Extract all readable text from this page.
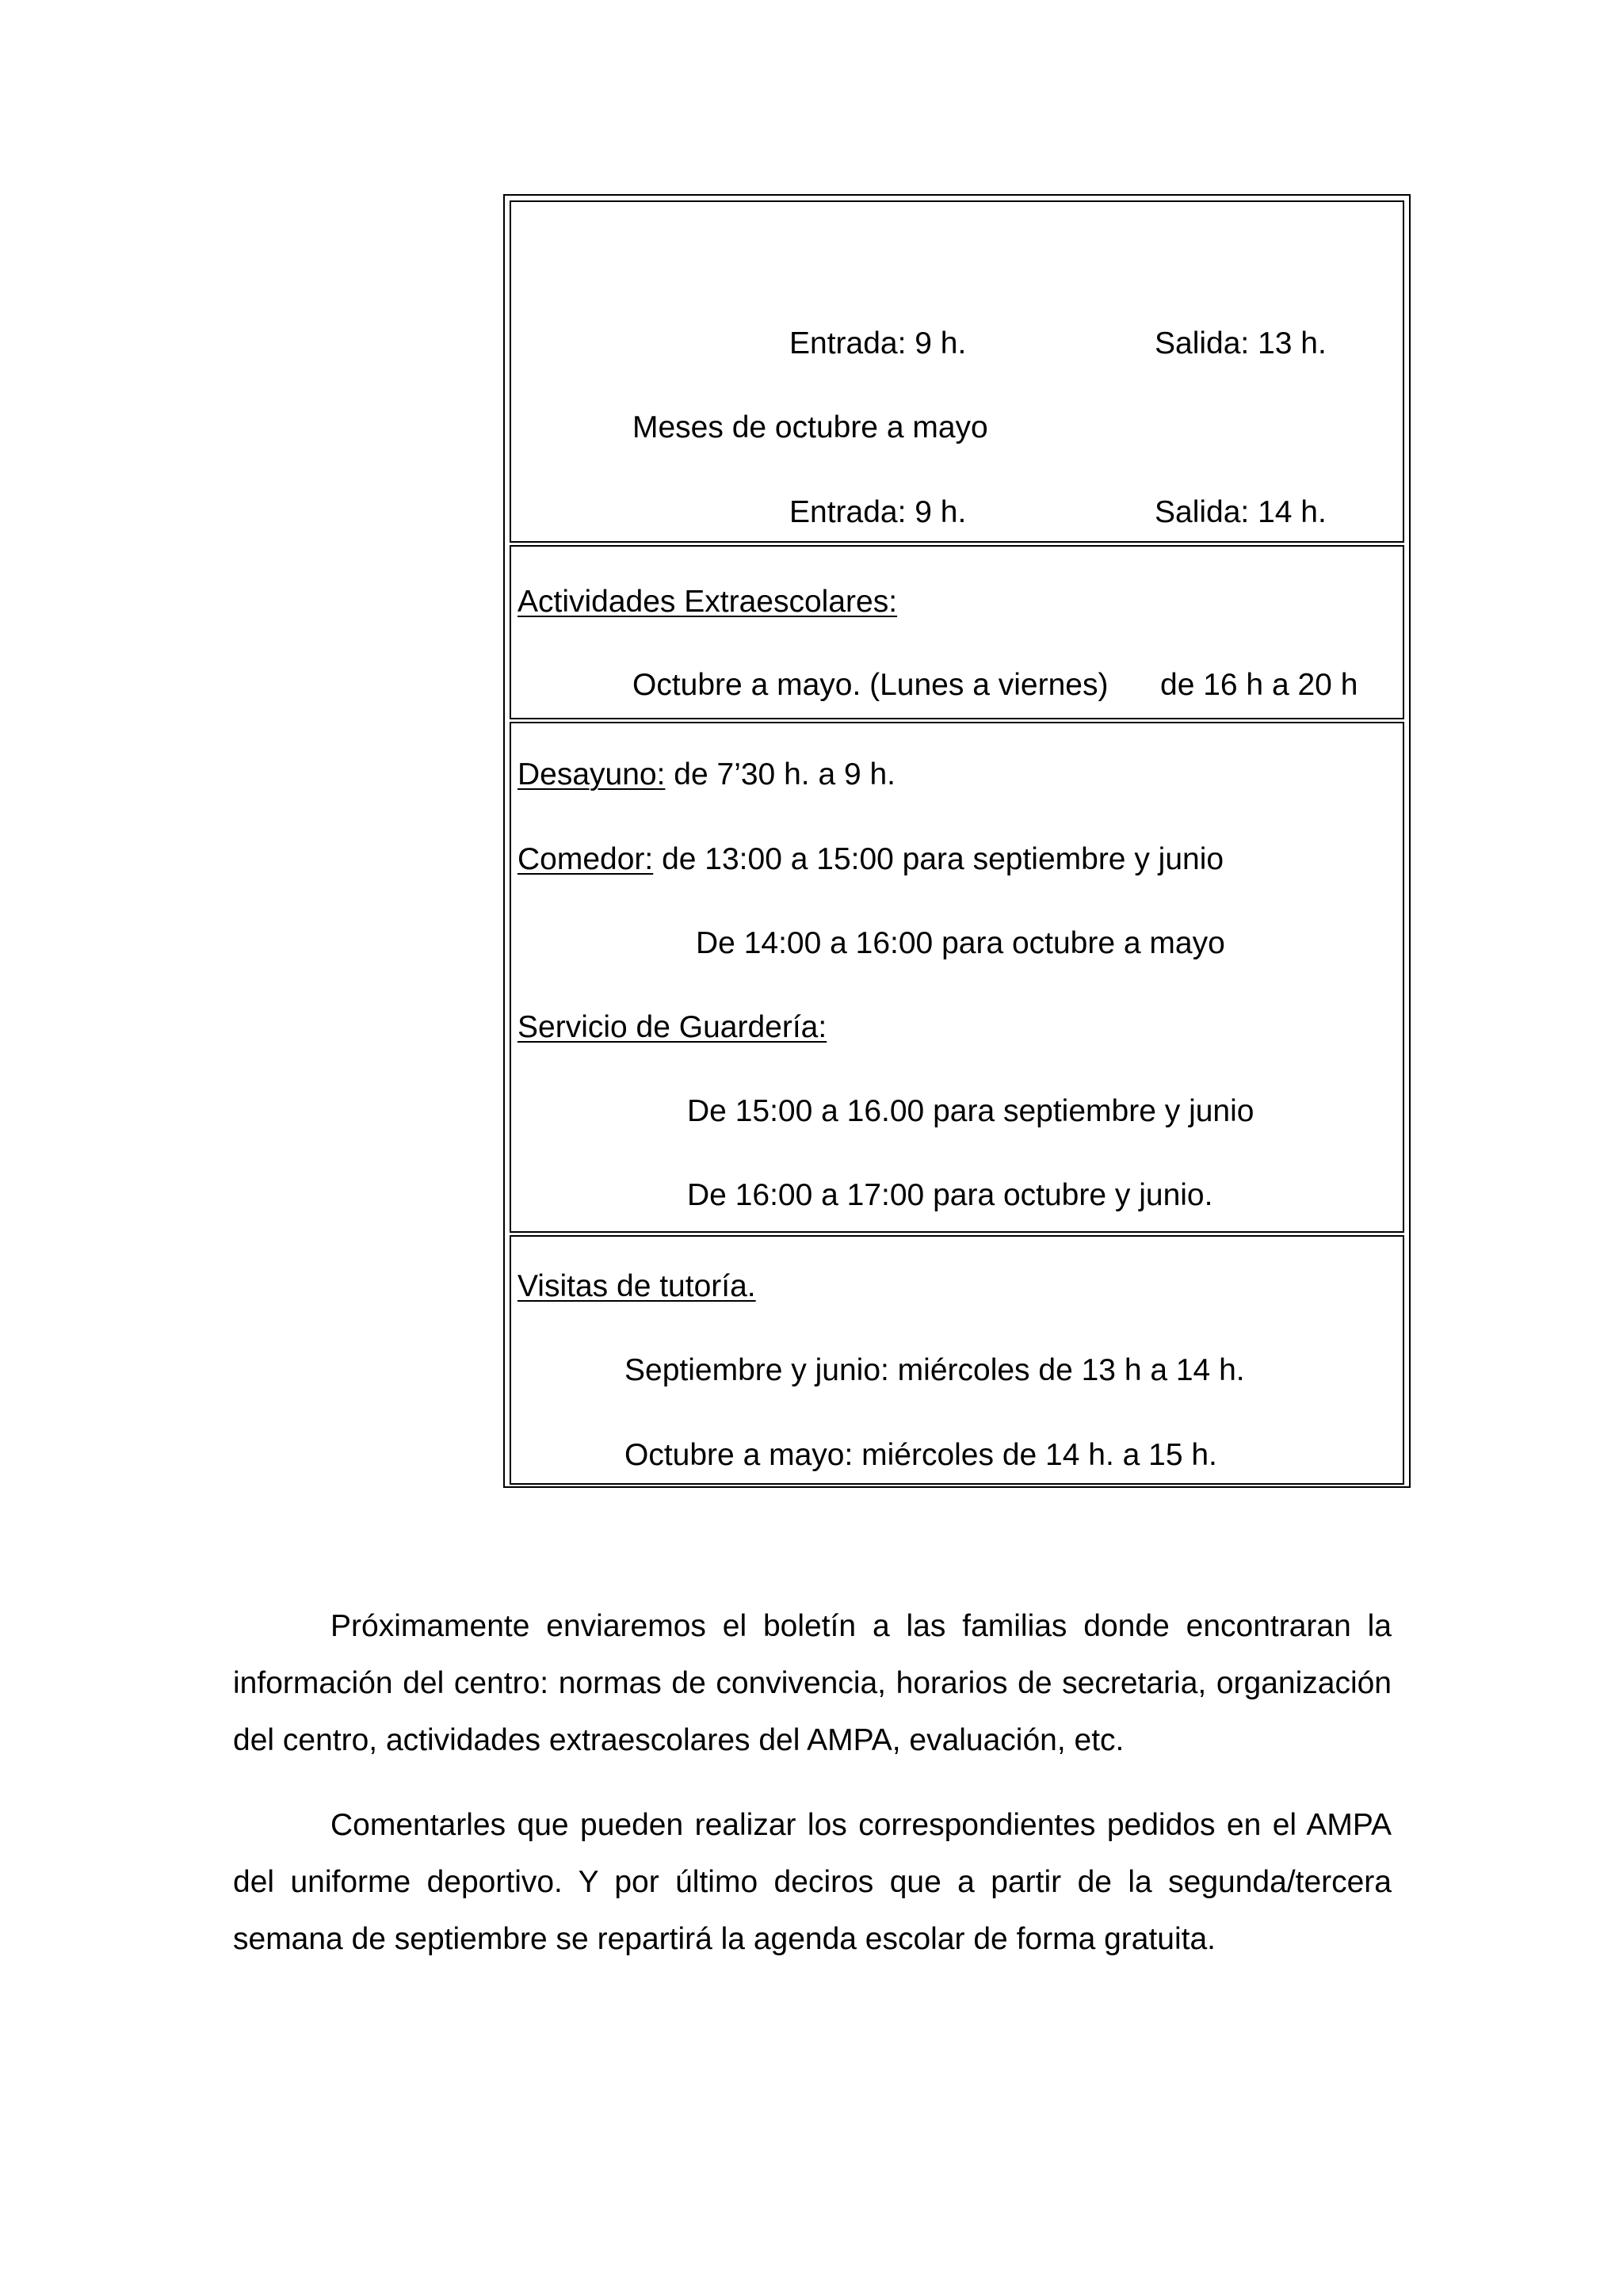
Entrada: 9 h.	Salida: 13 h.
Meses de octubre a mayo
Entrada: 9 h.	Salida: 14 h.
Actividades Extraescolares:
Octubre a mayo. (Lunes a viernes) de 16 h a 20 h
Desayuno: de 7’30 h. a 9 h.
Comedor: de 13:00 a 15:00 para septiembre y junio
De 14:00 a 16:00 para octubre a mayo
Servicio de Guardería:
De 15:00 a 16.00 para septiembre y junio
De 16:00 a 17:00 para octubre y junio.
Visitas de tutoría.
Septiembre y junio: miércoles de 13 h a 14 h.
Octubre a mayo: miércoles de 14 h. a 15 h.

Próximamente enviaremos el boletín a las familias donde encontraran la información del centro: normas de convivencia, horarios de secretaria, organización del centro, actividades extraescolares del AMPA, evaluación, etc.

Comentarles que pueden realizar los correspondientes pedidos en el AMPA del uniforme deportivo. Y por último deciros que a partir de la segunda/tercera semana de septiembre se repartirá la agenda escolar de forma gratuita.
